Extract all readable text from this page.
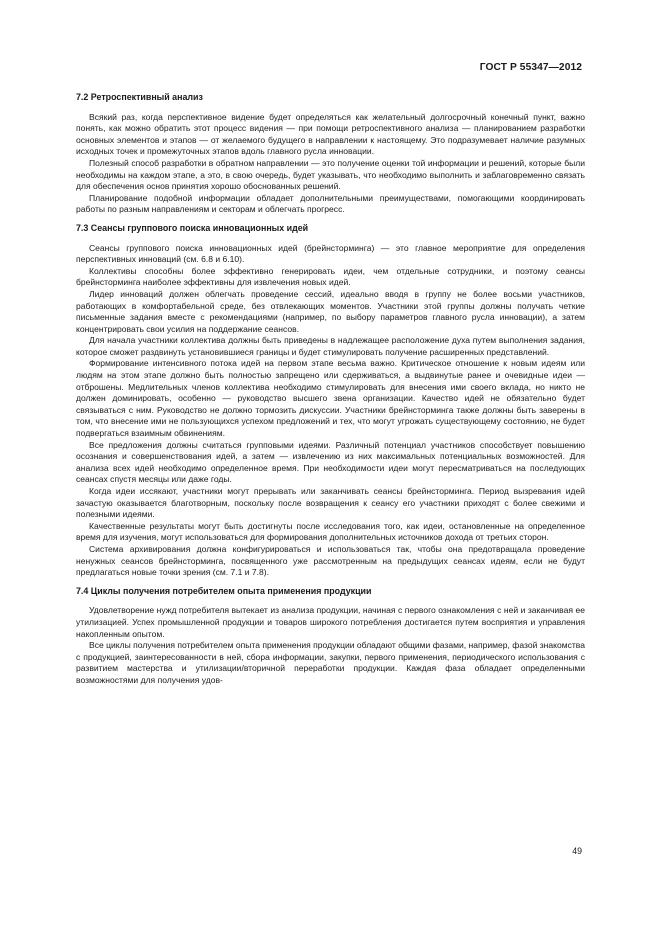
ГОСТ Р 55347—2012
7.2 Ретроспективный анализ

Всякий раз, когда перспективное видение будет определяться как желательный долгосрочный конечный пункт, важно понять, как можно обратить этот процесс видения — при помощи ретроспективного анализа — планированием разработки основных элементов и этапов — от желаемого будущего в направлении к настоящему. Это подразумевает наличие разумных исходных точек и промежуточных этапов вдоль главного русла инновации.

Полезный способ разработки в обратном направлении — это получение оценки той информации и решений, которые были необходимы на каждом этапе, а это, в свою очередь, будет указывать, что необходимо выполнить и заблаговременно связать для обеспечения основ принятия хорошо обоснованных решений.

Планирование подобной информации обладает дополнительными преимуществами, помогающими координировать работы по разным направлениям и секторам и облегчать прогресс.

7.3 Сеансы группового поиска инновационных идей

Сеансы группового поиска инновационных идей (брейнсторминга) — это главное мероприятие для определения перспективных инноваций (см. 6.8 и 6.10).

Коллективы способны более эффективно генерировать идеи, чем отдельные сотрудники, и поэтому сеансы брейнсторминга наиболее эффективны для извлечения новых идей.

Лидер инноваций должен облегчать проведение сессий, идеально вводя в группу не более восьми участников, работающих в комфортабельной среде, без отвлекающих моментов. Участники этой группы должны получать четкие письменные задания вместе с рекомендациями (например, по выбору параметров главного русла инновации), а затем концентрировать свои усилия на поддержание сеансов.

Для начала участники коллектива должны быть приведены в надлежащее расположение духа путем выполнения задания, которое сможет раздвинуть установившиеся границы и будет стимулировать получение расширенных представлений.

Формирование интенсивного потока идей на первом этапе весьма важно. Критическое отношение к новым идеям или людям на этом этапе должно быть полностью запрещено или сдерживаться, а выдвинутые ранее и очевидные идеи — отброшены. Медлительных членов коллектива необходимо стимулировать для внесения ими своего вклада, но никто не должен доминировать, особенно — руководство высшего звена организации. Качество идей не обязательно будет связываться с ним. Руководство не должно тормозить дискуссии. Участники брейнсторминга также должны быть заверены в том, что внесение ими не пользующихся успехом предложений и тех, что могут угрожать существующему состоянию, не будет подвергаться взаимным обвинениям.

Все предложения должны считаться групповыми идеями. Различный потенциал участников способствует повышению осознания и совершенствования идей, а затем — извлечению из них максимальных потенциальных возможностей. Для анализа всех идей необходимо определенное время. При необходимости идеи могут пересматриваться на последующих сеансах спустя месяцы или даже годы.

Когда идеи иссякают, участники могут прерывать или заканчивать сеансы брейнсторминга. Период вызревания идей зачастую оказывается благотворным, поскольку после возвращения к сеансу его участники приходят с более свежими и полезными идеями.

Качественные результаты могут быть достигнуты после исследования того, как идеи, остановленные на определенное время для изучения, могут использоваться для формирования дополнительных источников дохода от третьих сторон.

Система архивирования должна конфигурироваться и использоваться так, чтобы она предотвращала проведение ненужных сеансов брейнсторминга, посвященного уже рассмотренным на предыдущих сеансах идеям, если не будут предлагаться новые точки зрения (см. 7.1 и 7.8).

7.4 Циклы получения потребителем опыта применения продукции

Удовлетворение нужд потребителя вытекает из анализа продукции, начиная с первого ознакомления с ней и заканчивая ее утилизацией. Успех промышленной продукции и товаров широкого потребления достигается путем восприятия и управления накопленным опытом.

Все циклы получения потребителем опыта применения продукции обладают общими фазами, например, фазой знакомства с продукцией, заинтересованности в ней, сбора информации, закупки, первого применения, периодического использования с развитием мастерства и утилизации/вторичной переработки продукции. Каждая фаза обладает определенными возможностями для получения удов-

49
